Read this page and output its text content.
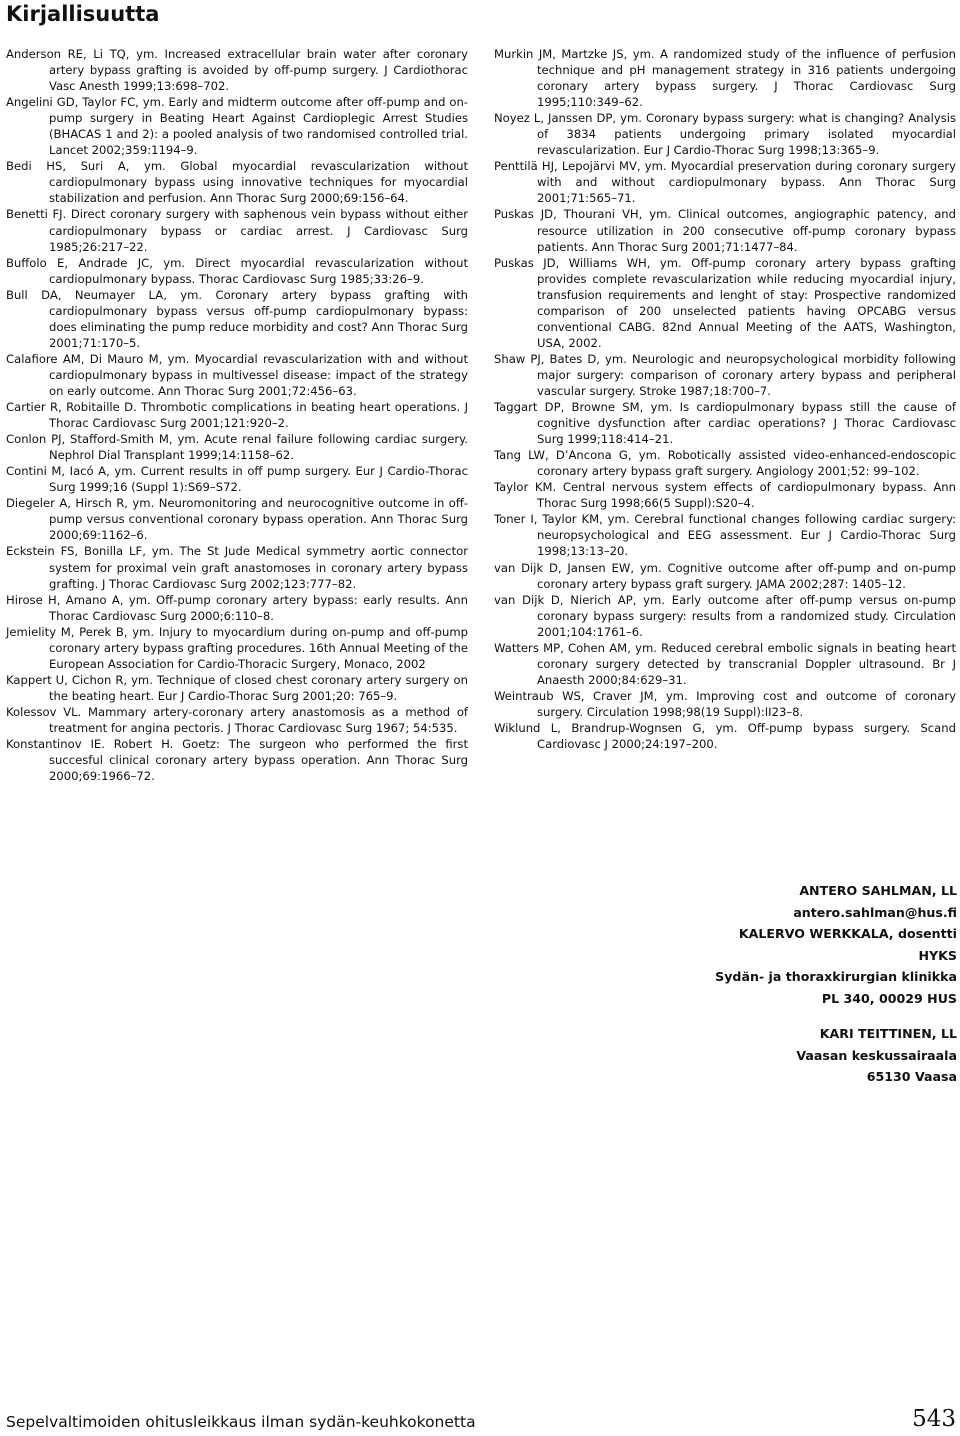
Kirjallisuutta

Anderson RE, Li TQ, ym. Increased extracellular brain water after coronary artery bypass grafting is avoided by off-pump surgery. J Cardiothorac Vasc Anesth 1999;13:698–702.

Angelini GD, Taylor FC, ym. Early and midterm outcome after off-pump and on-pump surgery in Beating Heart Against Cardioplegic Arrest Studies (BHACAS 1 and 2): a pooled analysis of two randomised controlled trial. Lancet 2002;359:1194–9.

Bedi HS, Suri A, ym. Global myocardial revascularization without cardiopulmonary bypass using innovative techniques for myocardial stabilization and perfusion. Ann Thorac Surg 2000;69:156–64.

Benetti FJ. Direct coronary surgery with saphenous vein bypass without either cardiopulmonary bypass or cardiac arrest. J Cardiovasc Surg 1985;26:217–22.

Buffolo E, Andrade JC, ym. Direct myocardial revascularization without cardiopulmonary bypass. Thorac Cardiovasc Surg 1985;33:26–9.

Bull DA, Neumayer LA, ym. Coronary artery bypass grafting with cardiopulmonary bypass versus off-pump cardiopulmonary bypass: does eliminating the pump reduce morbidity and cost? Ann Thorac Surg 2001;71:170–5.

Calafiore AM, Di Mauro M, ym. Myocardial revascularization with and without cardiopulmonary bypass in multivessel disease: impact of the strategy on early outcome. Ann Thorac Surg 2001;72:456–63.

Cartier R, Robitaille D. Thrombotic complications in beating heart operations. J Thorac Cardiovasc Surg 2001;121:920–2.

Conlon PJ, Stafford-Smith M, ym. Acute renal failure following cardiac surgery. Nephrol Dial Transplant 1999;14:1158–62.

Contini M, Iacó A, ym. Current results in off pump surgery. Eur J Cardio-Thorac Surg 1999;16 (Suppl 1):S69–S72.

Diegeler A, Hirsch R, ym. Neuromonitoring and neurocognitive outcome in off-pump versus conventional coronary bypass operation. Ann Thorac Surg 2000;69:1162–6.

Eckstein FS, Bonilla LF, ym. The St Jude Medical symmetry aortic connector system for proximal vein graft anastomoses in coronary artery bypass grafting. J Thorac Cardiovasc Surg 2002;123:777–82.

Hirose H, Amano A, ym. Off-pump coronary artery bypass: early results. Ann Thorac Cardiovasc Surg 2000;6:110–8.

Jemielity M, Perek B, ym. Injury to myocardium during on-pump and off-pump coronary artery bypass grafting procedures. 16th Annual Meeting of the European Association for Cardio-Thoracic Surgery, Monaco, 2002

Kappert U, Cichon R, ym. Technique of closed chest coronary artery surgery on the beating heart. Eur J Cardio-Thorac Surg 2001;20: 765–9.

Kolessov VL. Mammary artery-coronary artery anastomosis as a method of treatment for angina pectoris. J Thorac Cardiovasc Surg 1967; 54:535.

Konstantinov IE. Robert H. Goetz: The surgeon who performed the first succesful clinical coronary artery bypass operation. Ann Thorac Surg 2000;69:1966–72.

Murkin JM, Martzke JS, ym. A randomized study of the influence of perfusion technique and pH management strategy in 316 patients undergoing coronary artery bypass surgery. J Thorac Cardiovasc Surg 1995;110:349–62.

Noyez L, Janssen DP, ym. Coronary bypass surgery: what is changing? Analysis of 3834 patients undergoing primary isolated myocardial revascularization. Eur J Cardio-Thorac Surg 1998;13:365–9.

Penttilä HJ, Lepojärvi MV, ym. Myocardial preservation during coronary surgery with and without cardiopulmonary bypass. Ann Thorac Surg 2001;71:565–71.

Puskas JD, Thourani VH, ym. Clinical outcomes, angiographic patency, and resource utilization in 200 consecutive off-pump coronary bypass patients. Ann Thorac Surg 2001;71:1477–84.

Puskas JD, Williams WH, ym. Off-pump coronary artery bypass grafting provides complete revascularization while reducing myocardial injury, transfusion requirements and lenght of stay: Prospective randomized comparison of 200 unselected patients having OPCABG versus conventional CABG. 82nd Annual Meeting of the AATS, Washington, USA, 2002.

Shaw PJ, Bates D, ym. Neurologic and neuropsychological morbidity following major surgery: comparison of coronary artery bypass and peripheral vascular surgery. Stroke 1987;18:700–7.

Taggart DP, Browne SM, ym. Is cardiopulmonary bypass still the cause of cognitive dysfunction after cardiac operations? J Thorac Cardiovasc Surg 1999;118:414–21.

Tang LW, D’Ancona G, ym. Robotically assisted video-enhanced-endoscopic coronary artery bypass graft surgery. Angiology 2001;52: 99–102.

Taylor KM. Central nervous system effects of cardiopulmonary bypass. Ann Thorac Surg 1998;66(5 Suppl):S20–4.

Toner I, Taylor KM, ym. Cerebral functional changes following cardiac surgery: neuropsychological and EEG assessment. Eur J Cardio-Thorac Surg 1998;13:13–20.

van Dijk D, Jansen EW, ym. Cognitive outcome after off-pump and on-pump coronary artery bypass graft surgery. JAMA 2002;287: 1405–12.

van Dijk D, Nierich AP, ym. Early outcome after off-pump versus on-pump coronary bypass surgery: results from a randomized study. Circulation 2001;104:1761–6.

Watters MP, Cohen AM, ym. Reduced cerebral embolic signals in beating heart coronary surgery detected by transcranial Doppler ultrasound. Br J Anaesth 2000;84:629–31.

Weintraub WS, Craver JM, ym. Improving cost and outcome of coronary surgery. Circulation 1998;98(19 Suppl):II23–8.

Wiklund L, Brandrup-Wognsen G, ym. Off-pump bypass surgery. Scand Cardiovasc J 2000;24:197–200.

ANTERO SAHLMAN, LL
antero.sahlman@hus.fi
KALERVO WERKKALA, dosentti
HYKS
Sydän- ja thoraxkirurgian klinikka
PL 340, 00029 HUS
KARI TEITTINEN, LL
Vaasan keskussairaala
65130 Vaasa
Sepelvaltimoiden ohitusleikkaus ilman sydän-keuhkokonetta	543
